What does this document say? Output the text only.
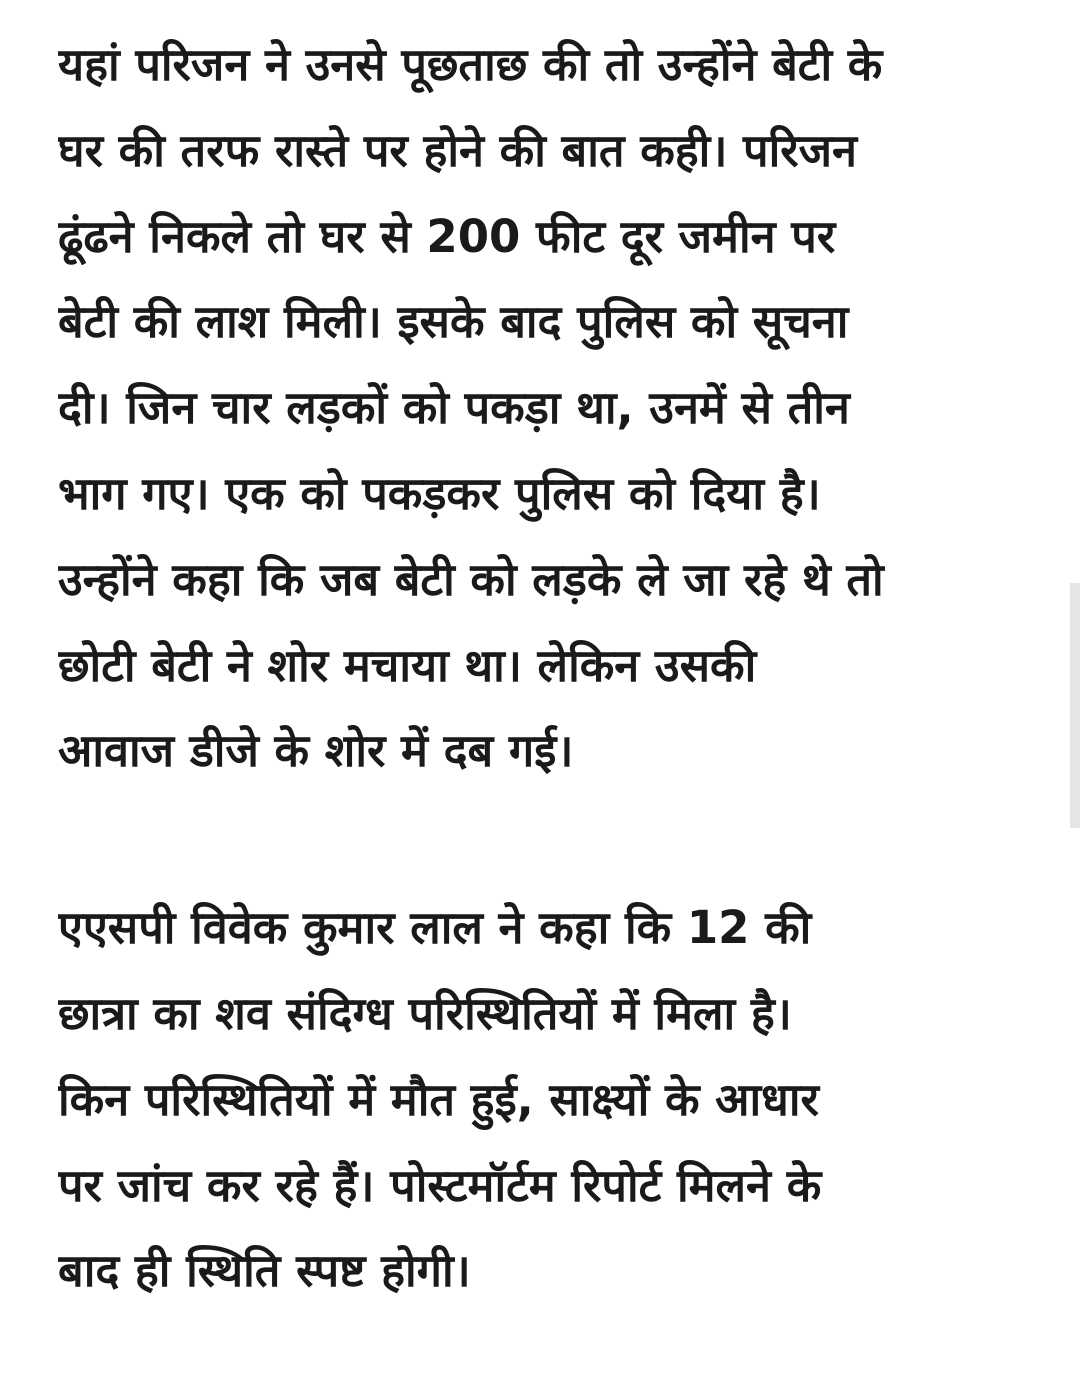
यहां परिजन ने उनसे पूछताछ की तो उन्होंने बेटी के
घर की तरफ रास्ते पर होने की बात कही। परिजन
ढूंढने निकले तो घर से 200 फीट दूर जमीन पर
बेटी की लाश मिली। इसके बाद पुलिस को सूचना
दी। जिन चार लड़कों को पकड़ा था, उनमें से तीन
भाग गए। एक को पकड़कर पुलिस को दिया है।
उन्होंने कहा कि जब बेटी को लड़के ले जा रहे थे तो
छोटी बेटी ने शोर मचाया था। लेकिन उसकी
आवाज डीजे के शोर में दब गई।

एएसपी विवेक कुमार लाल ने कहा कि 12 की
छात्रा का शव संदिग्ध परिस्थितियों में मिला है।
किन परिस्थितियों में मौत हुई, साक्ष्यों के आधार
पर जांच कर रहे हैं। पोस्टमॉर्टम रिपोर्ट मिलने के
बाद ही स्थिति स्पष्ट होगी।
